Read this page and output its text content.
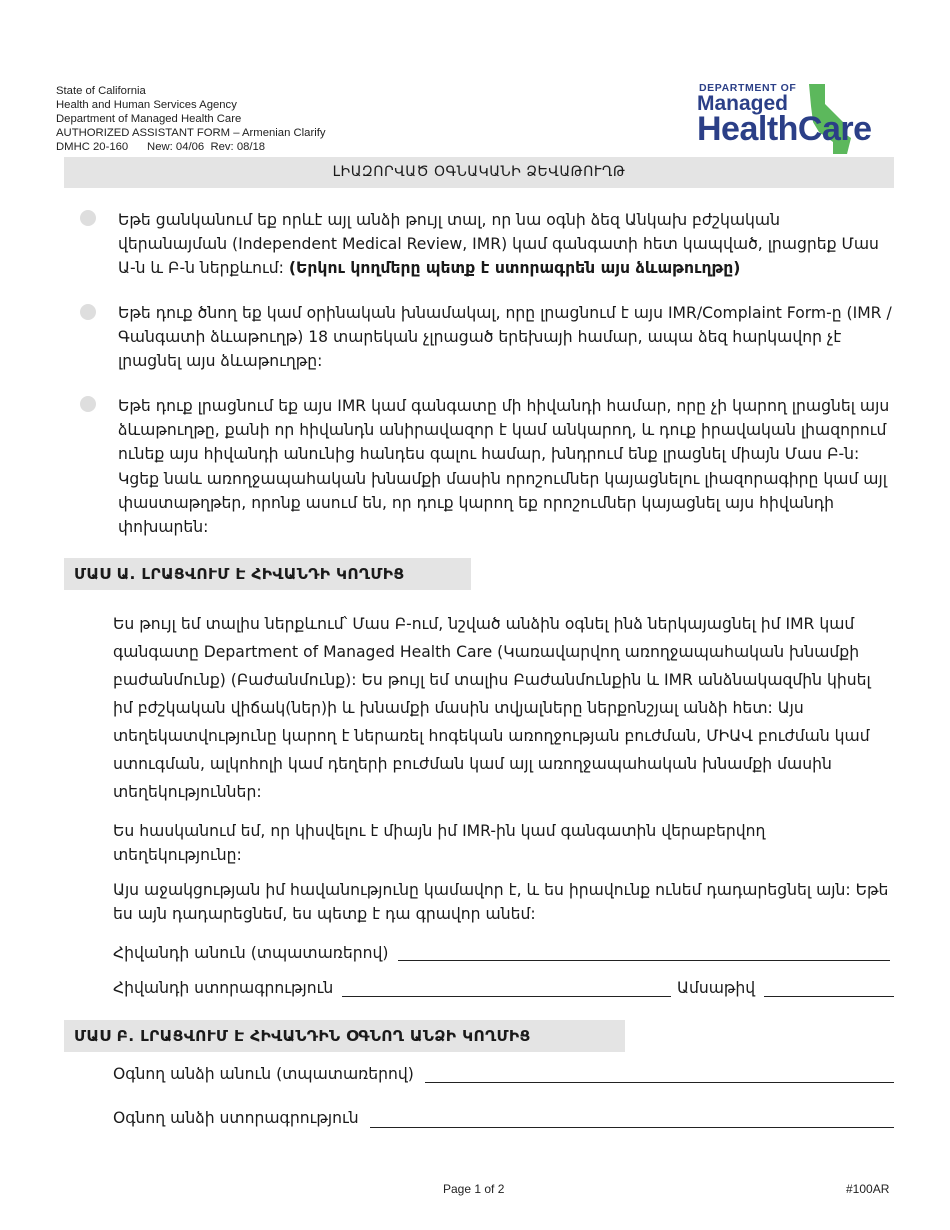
State of California
Health and Human Services Agency
Department of Managed Health Care
AUTHORIZED ASSISTANT FORM – Armenian Clarify
DMHC 20-160      New: 04/06  Rev: 08/18
DEPARTMENT OF
Managed
HealthCare
ԼԻԱԶՈՐՎԱԾ ՕԳՆԱԿԱՆԻ ՁԵՎԱԹՈՒՂԹ
Եթե ցանկանում եք որևէ այլ անձի թույլ տալ, որ նա օգնի ձեզ Անկախ բժշկական վերանայման (Independent Medical Review, IMR) կամ գանգատի հետ կապված, լրացրեք Մաս Ա-ն և Բ-ն ներքևում: (Երկու կողմերը պետք է ստորագրեն այս ձևաթուղթը)
Եթե դուք ծնող եք կամ օրինական խնամակալ, որը լրացնում է այս IMR/Complaint Form-ը (IMR /Գանգատի ձևաթուղթ) 18 տարեկան չլրացած երեխայի համար, ապա ձեզ հարկավոր չէ լրացնել այս ձևաթուղթը:
Եթե դուք լրացնում եք այս IMR կամ գանգատը մի հիվանդի համար, որը չի կարող լրացնել այս ձևաթուղթը, քանի որ հիվանդն անիրավազոր է կամ անկարող, և դուք իրավական լիազորում ունեք այս հիվանդի անունից հանդես գալու համար, խնդրում ենք լրացնել միայն Մաս Բ-ն: Կցեք նաև առողջապահական խնամքի մասին որոշումներ կայացնելու լիազորագիրը կամ այլ փաստաթղթեր, որոնք ասում են, որ դուք կարող եք որոշումներ կայացնել այս հիվանդի փոխարեն:
ՄԱՍ Ա. ԼՐԱՑՎՈՒՄ Է ՀԻՎԱՆԴԻ ԿՈՂՄԻՑ
Ես թույլ եմ տալիս ներքևում՝ Մաս Բ-ում, նշված անձին օգնել ինձ ներկայացնել իմ IMR կամ գանգատը Department of Managed Health Care (Կառավարվող առողջապահական խնամքի բաժանմունք) (Բաժանմունք): Ես թույլ եմ տալիս Բաժանմունքին և IMR անձնակազմին կիսել իմ բժշկական վիճակ(ներ)ի և խնամքի մասին տվյալները ներքոնշյալ անձի հետ: Այս տեղեկատվությունը կարող է ներառել հոգեկան առողջության բուժման, ՄԻԱՎ բուժման կամ ստուգման, ալկոհոլի կամ դեղերի բուժման կամ այլ առողջապահական խնամքի մասին տեղեկություններ:
Ես հասկանում եմ, որ կիսվելու է միայն իմ IMR-ին կամ գանգատին վերաբերվող տեղեկությունը:
Այս աջակցության իմ հավանությունը կամավոր է, և ես իրավունք ունեմ դադարեցնել այն: Եթե ես այն դադարեցնեմ, ես պետք է դա գրավոր անեմ:
Հիվանդի անուն (տպատառերով)
Հիվանդի ստորագրություն	Ամսաթիվ
ՄԱՍ Բ. ԼՐԱՑՎՈՒՄ Է ՀԻՎԱՆԴԻՆ ՕԳՆՈՂ ԱՆՁԻ ԿՈՂՄԻՑ
Օգնող անձի անուն (տպատառերով)
Օգնող անձի ստորագրություն
Page 1 of 2	#100AR
